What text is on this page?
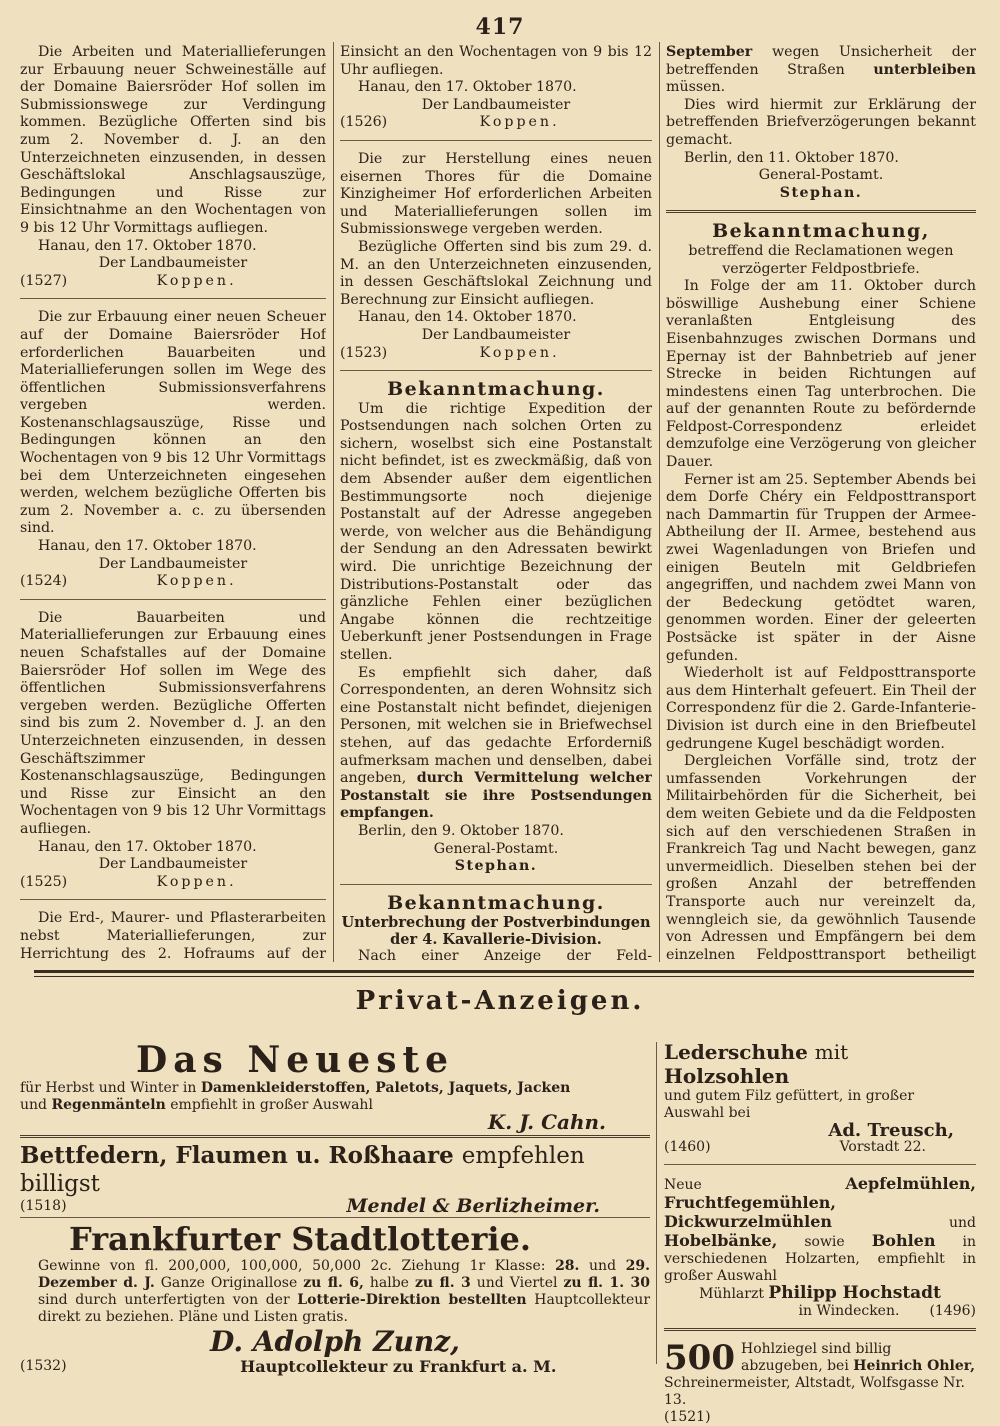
417

Die Arbeiten und Materiallieferungen zur Erbauung neuer Schweineställe auf der Domaine Baiersröder Hof sollen im Submissionswege zur Verdingung kommen. Bezügliche Offerten sind bis zum 2. November d. J. an den Unterzeichneten einzusenden, in dessen Geschäftslokal Anschlagsauszüge, Bedingungen und Risse zur Einsichtnahme an den Wochentagen von 9 bis 12 Uhr Vormittags aufliegen.

Hanau, den 17. Oktober 1870.
Der Landbaumeister
(1527)	Koppen.

Die zur Erbauung einer neuen Scheuer auf der Domaine Baiersröder Hof erforderlichen Bauarbeiten und Materiallieferungen sollen im Wege des öffentlichen Submissionsverfahrens vergeben werden. Kostenanschlagsauszüge, Risse und Bedingungen können an den Wochentagen von 9 bis 12 Uhr Vormittags bei dem Unterzeichneten eingesehen werden, welchem bezügliche Offerten bis zum 2. November a. c. zu übersenden sind.

Hanau, den 17. Oktober 1870.
Der Landbaumeister
(1524)	Koppen.

Die Bauarbeiten und Materiallieferungen zur Erbauung eines neuen Schafstalles auf der Domaine Baiersröder Hof sollen im Wege des öffentlichen Submissionsverfahrens vergeben werden. Bezügliche Offerten sind bis zum 2. November d. J. an den Unterzeichneten einzusenden, in dessen Geschäftszimmer Kostenanschlagsauszüge, Bedingungen und Risse zur Einsicht an den Wochentagen von 9 bis 12 Uhr Vormittags aufliegen.

Hanau, den 17. Oktober 1870.
Der Landbaumeister
(1525)	Koppen.

Die Erd-, Maurer- und Pflasterarbeiten nebst Materiallieferungen, zur Herrichtung des 2. Hofraums auf der

Einsicht an den Wochentagen von 9 bis 12 Uhr aufliegen.

Hanau, den 17. Oktober 1870.
Der Landbaumeister
(1526)	Koppen.

Die zur Herstellung eines neuen eisernen Thores für die Domaine Kinzigheimer Hof erforderlichen Arbeiten und Materiallieferungen sollen im Submissionswege vergeben werden.

Bezügliche Offerten sind bis zum 29. d. M. an den Unterzeichneten einzusenden, in dessen Geschäftslokal Zeichnung und Berechnung zur Einsicht aufliegen.

Hanau, den 14. Oktober 1870.
Der Landbaumeister
(1523)	Koppen.
Bekanntmachung.

Um die richtige Expedition der Postsendungen nach solchen Orten zu sichern, woselbst sich eine Postanstalt nicht befindet, ist es zweckmäßig, daß von dem Absender außer dem eigentlichen Bestimmungsorte noch diejenige Postanstalt auf der Adresse angegeben werde, von welcher aus die Behändigung der Sendung an den Adressaten bewirkt wird. Die unrichtige Bezeichnung der Distributions-Postanstalt oder das gänzliche Fehlen einer bezüglichen Angabe können die rechtzeitige Ueberkunft jener Postsendungen in Frage stellen.

Es empfiehlt sich daher, daß Correspondenten, an deren Wohnsitz sich eine Postanstalt nicht befindet, diejenigen Personen, mit welchen sie in Briefwechsel stehen, auf das gedachte Erforderniß aufmerksam machen und denselben, dabei angeben, durch Vermittelung welcher Postanstalt sie ihre Postsendungen empfangen.

Berlin, den 9. Oktober 1870.
General-Postamt.
Stephan.
Bekanntmachung.
Unterbrechung der Postverbindungen der 4. Kavallerie-Division.

Nach einer Anzeige der Feld-

September wegen Unsicherheit der betreffenden Straßen unterbleiben müssen.

Dies wird hiermit zur Erklärung der betreffenden Briefverzögerungen bekannt gemacht.

Berlin, den 11. Oktober 1870.
General-Postamt.
Stephan.
Bekanntmachung,
betreffend die Reclamationen wegen verzögerter Feldpostbriefe.

In Folge der am 11. Oktober durch böswillige Aushebung einer Schiene veranlaßten Entgleisung des Eisenbahnzuges zwischen Dormans und Epernay ist der Bahnbetrieb auf jener Strecke in beiden Richtungen auf mindestens einen Tag unterbrochen. Die auf der genannten Route zu befördernde Feldpost-Correspondenz erleidet demzufolge eine Verzögerung von gleicher Dauer.

Ferner ist am 25. September Abends bei dem Dorfe Chéry ein Feldposttransport nach Dammartin für Truppen der Armee-Abtheilung der II. Armee, bestehend aus zwei Wagenladungen von Briefen und einigen Beuteln mit Geldbriefen angegriffen, und nachdem zwei Mann von der Bedeckung getödtet waren, genommen worden. Einer der geleerten Postsäcke ist später in der Aisne gefunden.

Wiederholt ist auf Feldposttransporte aus dem Hinterhalt gefeuert. Ein Theil der Correspondenz für die 2. Garde-Infanterie-Division ist durch eine in den Briefbeutel gedrungene Kugel beschädigt worden.

Dergleichen Vorfälle sind, trotz der umfassenden Vorkehrungen der Militairbehörden für die Sicherheit, bei dem weiten Gebiete und da die Feldposten sich auf den verschiedenen Straßen in Frankreich Tag und Nacht bewegen, ganz unvermeidlich. Dieselben stehen bei der großen Anzahl der betreffenden Transporte auch nur vereinzelt da, wenngleich sie, da gewöhnlich Tausende von Adressen und Empfängern bei dem einzelnen Feldposttransport betheiligt

Privat-Anzeigen.
Das Neueste
für Herbst und Winter in Damenkleiderstoffen, Paletots, Jaquets, Jacken
und Regenmänteln empfiehlt in großer Auswahl
K. J. Cahn.
Bettfedern, Flaumen u. Roßhaare empfehlen billigst
(1518)	Mendel & Berlizheimer.
Frankfurter Stadtlotterie.
Gewinne von fl. 200,000, 100,000, 50,000 2c. Ziehung 1r Klasse: 28. und 29. Dezember d. J. Ganze Originallose zu fl. 6, halbe zu fl. 3 und Viertel zu fl. 1. 30 sind durch unterfertigten von der Lotterie-Direktion bestellten Hauptcollekteur direkt zu beziehen. Pläne und Listen gratis.
D. Adolph Zunz,
(1532)	Hauptcollekteur zu Frankfurt a. M.
Lederschuhe mit Holzsohlen
und gutem Filz gefüttert, in großer Auswahl bei
Ad. Treusch,
(1460)	Vorstadt 22.
Neue	Aepfelmühlen, Fruchtfegemühlen, Dickwurzelmühlen	und Hobelbänke, sowie Bohlen in verschiedenen Holzarten, empfiehlt in großer Auswahl
Mühlarzt Philipp Hochstadt
in Windecken. (1496)
500 Hohlziegel sind billig abzugeben, bei Heinrich Ohler, Schreinermeister, Altstadt, Wolfsgasse Nr. 13.
(1521)
